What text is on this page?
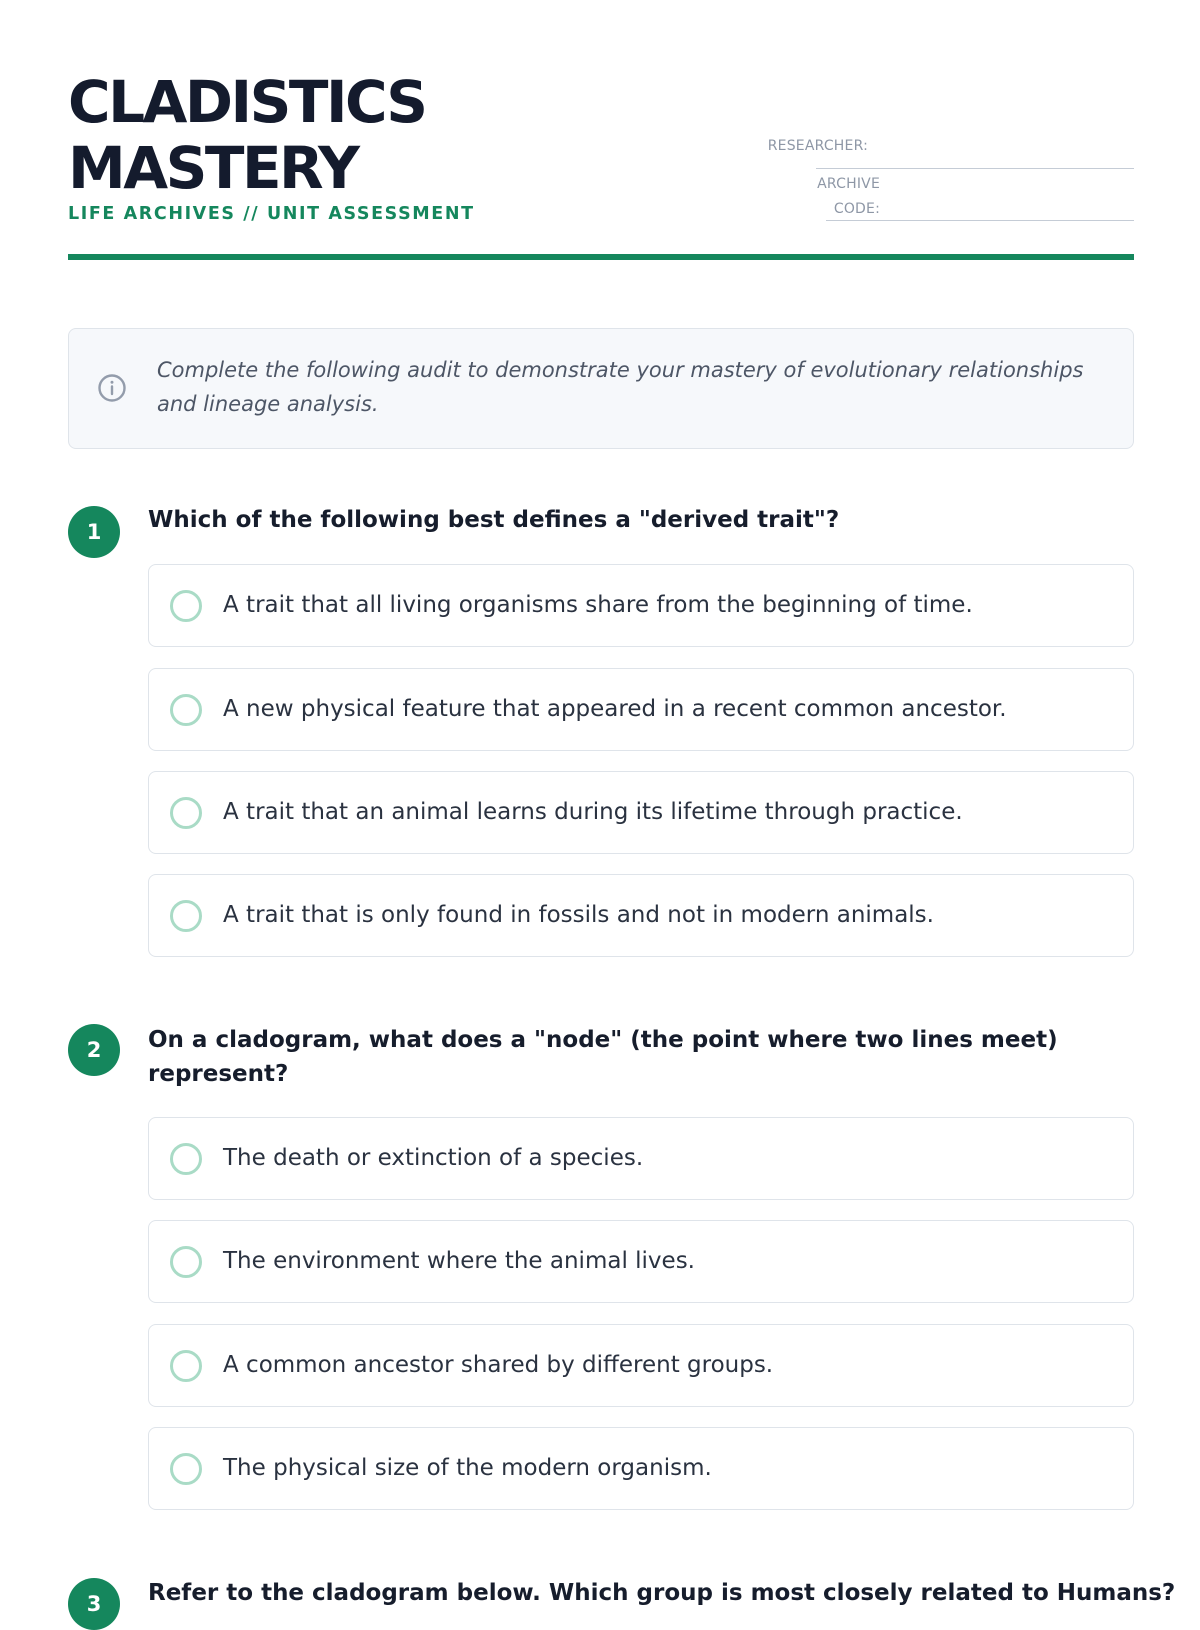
CLADISTICS
MASTERY
LIFE ARCHIVES // UNIT ASSESSMENT
RESEARCHER:
ARCHIVE
CODE:
Complete the following audit to demonstrate your mastery of evolutionary relationships and lineage analysis.
1	Which of the following best defines a "derived trait"?
A trait that all living organisms share from the beginning of time.
A new physical feature that appeared in a recent common ancestor.
A trait that an animal learns during its lifetime through practice.
A trait that is only found in fossils and not in modern animals.
2	On a cladogram, what does a "node" (the point where two lines meet) represent?
The death or extinction of a species.
The environment where the animal lives.
A common ancestor shared by different groups.
The physical size of the modern organism.
3	Refer to the cladogram below. Which group is most closely related to Humans?
